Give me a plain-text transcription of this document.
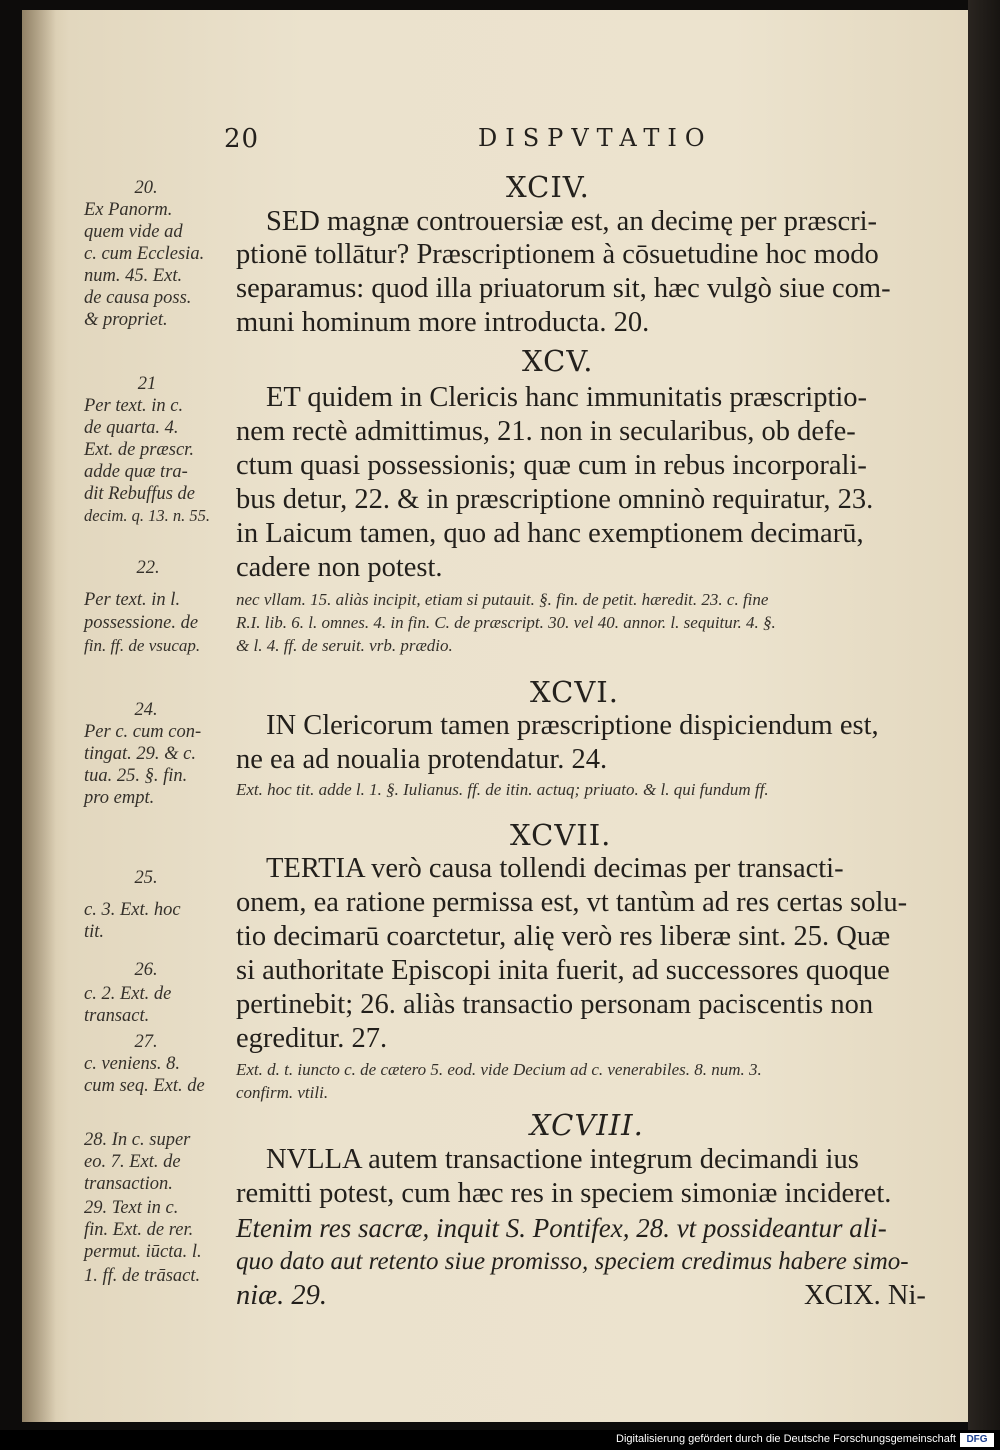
20	DISPVTATIO
XCIV.
XCV.
XCVI.
XCVII.
XCVIII.
SED magnæ controuersiæ est, an decimę per præscri-
ptionē tollātur? Præscriptionem à cōsuetudine hoc modo
separamus: quod illa priuatorum sit, hæc vulgò siue com-
muni hominum more introducta. 20.
ET quidem in Clericis hanc immunitatis præscriptio-
nem rectè admittimus, 21. non in secularibus, ob defe-
ctum quasi possessionis; quæ cum in rebus incorporali-
bus detur, 22. & in præscriptione omninò requiratur, 23.
in Laicum tamen, quo ad hanc exemptionem decimarū,
cadere non potest.
nec vllam. 15. aliàs incipit, etiam si putauit. §. fin. de petit. hæredit. 23. c. fine
R.I. lib. 6. l. omnes. 4. in fin. C. de præscript. 30. vel 40. annor. l. sequitur. 4. §.
& l. 4. ff. de seruit. vrb. prædio.
IN Clericorum tamen præscriptione dispiciendum est,
ne ea ad noualia protendatur. 24.
Ext. hoc tit. adde l. 1. §. Iulianus. ff. de itin. actuq; priuato. & l. qui fundum ff.
TERTIA verò causa tollendi decimas per transacti-
onem, ea ratione permissa est, vt tantùm ad res certas solu-
tio decimarū coarctetur, alię verò res liberæ sint. 25. Quæ
si authoritate Episcopi inita fuerit, ad successores quoque
pertinebit; 26. aliàs transactio personam paciscentis non
egreditur. 27.
Ext. d. t. iuncto c. de cætero 5. eod. vide Decium ad c. venerabiles. 8. num. 3.
confirm. vtili.
NVLLA autem transactione integrum decimandi ius
remitti potest, cum hæc res in speciem simoniæ incideret.
Etenim res sacræ, inquit S. Pontifex, 28. vt possideantur ali-
quo dato aut retento siue promisso, speciem credimus habere simo-
niæ. 29.	XCIX. Ni-
20.
Ex Panorm.
quem vide ad
c. cum Ecclesia.
num. 45. Ext.
de causa poss.
& propriet.
21
Per text. in c.
de quarta. 4.
Ext. de præscr.
adde quæ tra-
dit Rebuffus de
decim. q. 13. n. 55.
22.
Per text. in l.
possessione. de
fin. ff. de vsucap.
24.
Per c. cum con-
tingat. 29. & c.
tua. 25. §. fin.
pro empt.
25.
c. 3. Ext. hoc
tit.
26.
c. 2. Ext. de
transact.
27.
c. veniens. 8.
cum seq. Ext. de
28. In c. super
eo. 7. Ext. de
transaction.
29. Text in c.
fin. Ext. de rer.
permut. iūcta. l.
1. ff. de trāsact.
Digitalisierung gefördert durch die Deutsche Forschungsgemeinschaft	DFG
